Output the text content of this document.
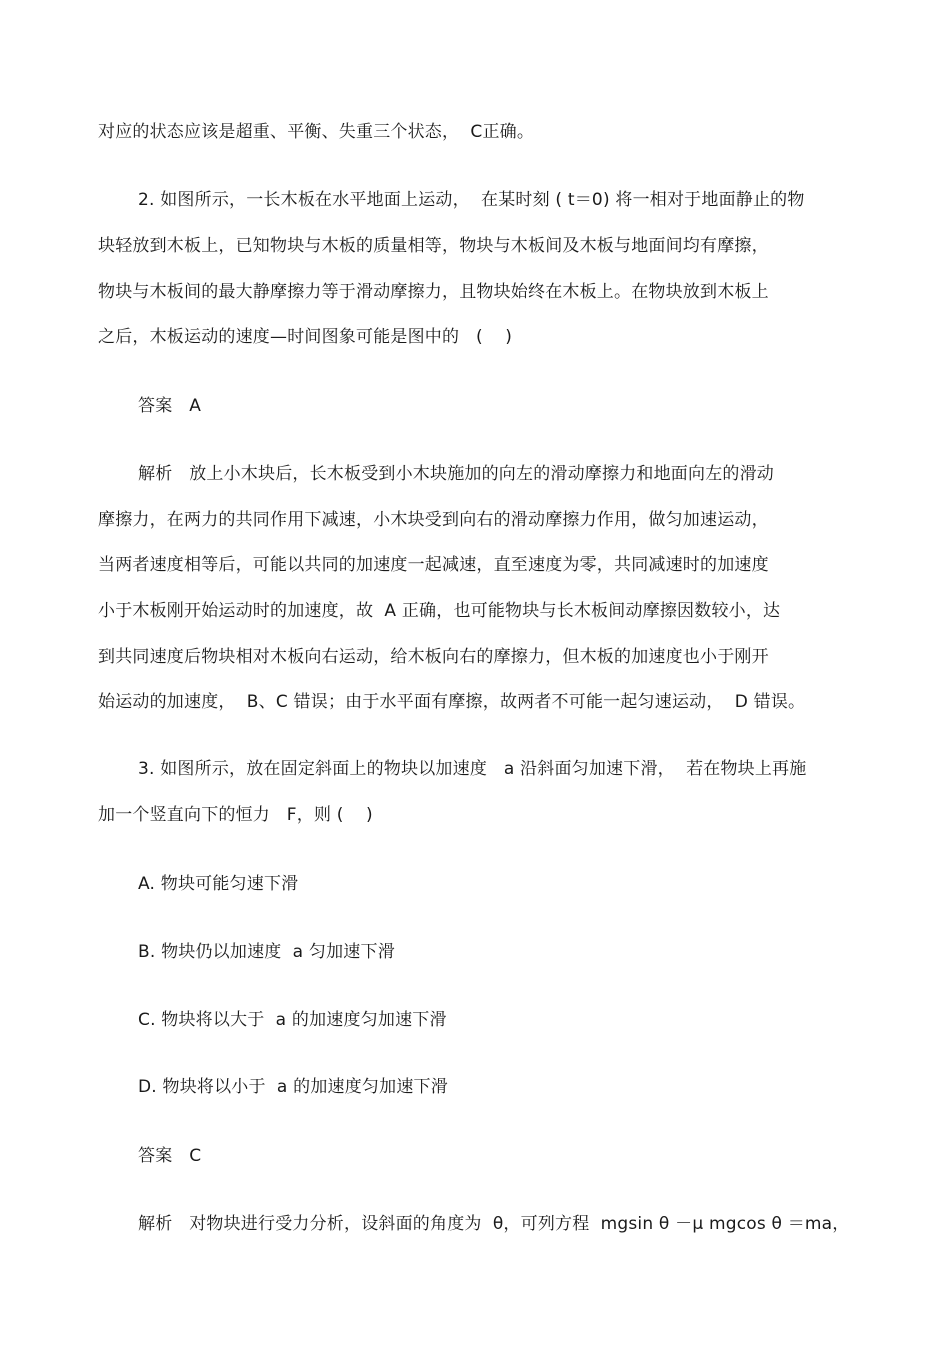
对应的状态应该是超重、平衡、失重三个状态，  C正确。
2. 如图所示，一长木板在水平地面上运动，  在某时刻 ( t＝0) 将一相对于地面静止的物
块轻放到木板上，已知物块与木板的质量相等，物块与木板间及木板与地面间均有摩擦，
物块与木板间的最大静摩擦力等于滑动摩擦力，且物块始终在木板上。在物块放到木板上
之后，木板运动的速度—时间图象可能是图中的   (    )
答案   A
解析   放上小木块后，长木板受到小木块施加的向左的滑动摩擦力和地面向左的滑动
摩擦力，在两力的共同作用下减速，小木块受到向右的滑动摩擦力作用，做匀加速运动，
当两者速度相等后，可能以共同的加速度一起减速，直至速度为零，共同减速时的加速度
小于木板刚开始运动时的加速度，故  A 正确，也可能物块与长木板间动摩擦因数较小，达
到共同速度后物块相对木板向右运动，给木板向右的摩擦力，但木板的加速度也小于刚开
始运动的加速度，  B、C 错误；由于水平面有摩擦，故两者不可能一起匀速运动，  D 错误。
3. 如图所示，放在固定斜面上的物块以加速度   a 沿斜面匀加速下滑，  若在物块上再施
加一个竖直向下的恒力   F，则 (    )
A. 物块可能匀速下滑
B. 物块仍以加速度  a 匀加速下滑
C. 物块将以大于  a 的加速度匀加速下滑
D. 物块将以小于  a 的加速度匀加速下滑
答案   C
解析   对物块进行受力分析，设斜面的角度为  θ，可列方程  mgsin θ －μ mgcos θ ＝ma，
